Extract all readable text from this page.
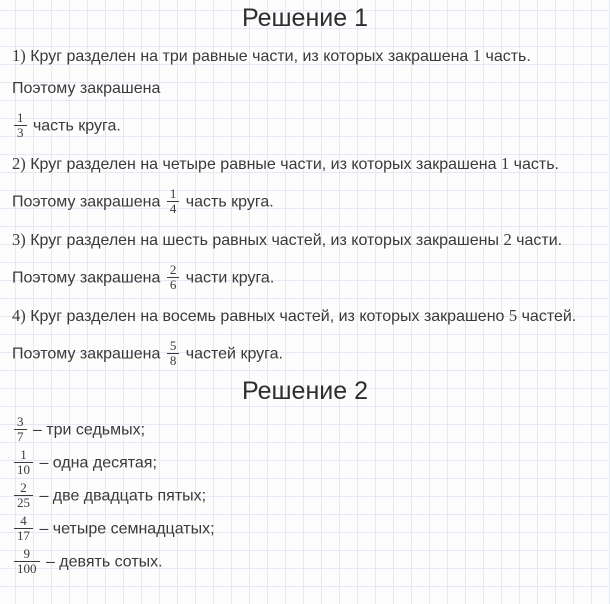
Решение 1
1) Круг разделен на три равные части, из которых закрашена 1 часть.
Поэтому закрашена
$\frac{1}{3}$ часть круга.
2) Круг разделен на четыре равные части, из которых закрашена 1 часть.
Поэтому закрашена $\frac{1}{4}$ часть круга.
3) Круг разделен на шесть равных частей, из которых закрашены 2 части.
Поэтому закрашена $\frac{2}{6}$ части круга.
4) Круг разделен на восемь равных частей, из которых закрашено 5 частей.
Поэтому закрашена $\frac{5}{8}$ частей круга.
Решение 2
$\frac{3}{7}$ – три седьмых;
$\frac{1}{10}$ – одна десятая;
$\frac{2}{25}$ – две двадцать пятых;
$\frac{4}{17}$ – четыре семнадцатых;
$\frac{9}{100}$ – девять сотых.
